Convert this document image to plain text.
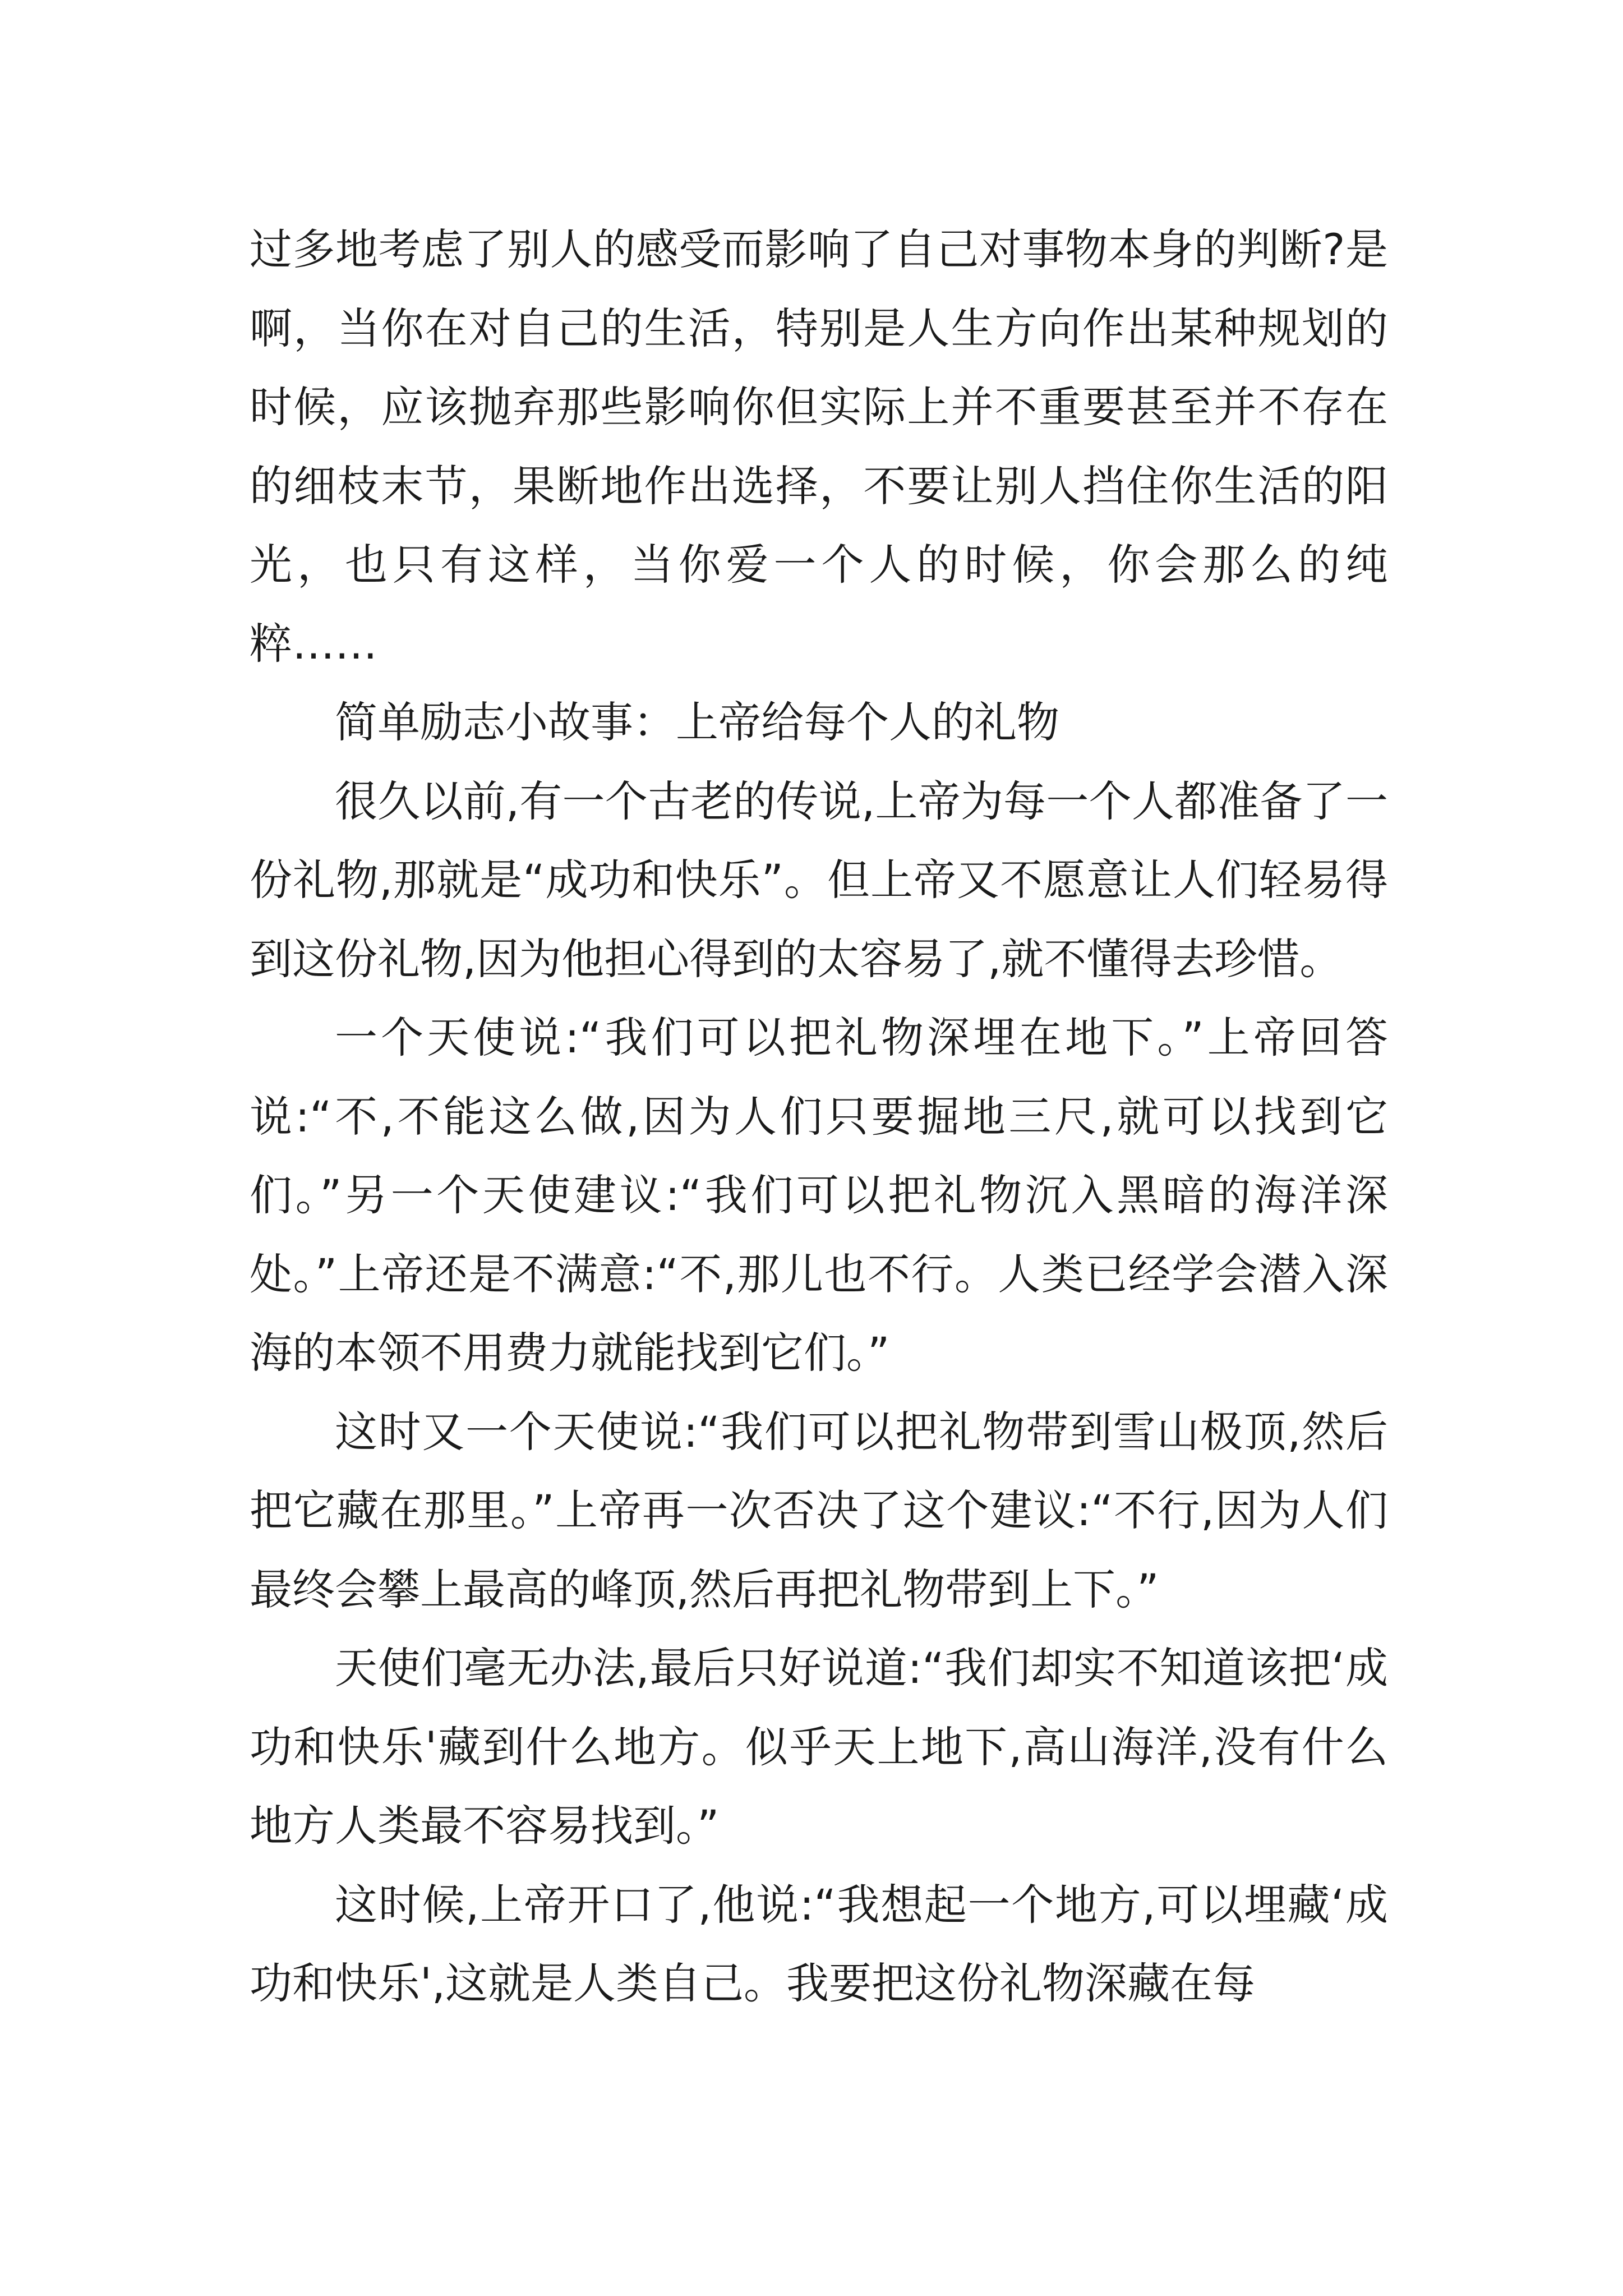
过多地考虑了别人的感受而影响了自己对事物本身的判断?是啊，当你在对自己的生活，特别是人生方向作出某种规划的时候，应该抛弃那些影响你但实际上并不重要甚至并不存在的细枝末节，果断地作出选择，不要让别人挡住你生活的阳光，也只有这样，当你爱一个人的时候，你会那么的纯粹……

简单励志小故事：上帝给每个人的礼物

很久以前,有一个古老的传说,上帝为每一个人都准备了一份礼物,那就是“成功和快乐”。但上帝又不愿意让人们轻易得到这份礼物,因为他担心得到的太容易了,就不懂得去珍惜。

一个天使说:“我们可以把礼物深埋在地下。”上帝回答说:“不,不能这么做,因为人们只要掘地三尺,就可以找到它们。”另一个天使建议:“我们可以把礼物沉入黑暗的海洋深处。”上帝还是不满意:“不,那儿也不行。人类已经学会潜入深海的本领不用费力就能找到它们。”

这时又一个天使说:“我们可以把礼物带到雪山极顶,然后把它藏在那里。”上帝再一次否决了这个建议:“不行,因为人们最终会攀上最高的峰顶,然后再把礼物带到上下。”

天使们毫无办法,最后只好说道:“我们却实不知道该把‘成功和快乐'藏到什么地方。似乎天上地下,高山海洋,没有什么地方人类最不容易找到。”

这时候,上帝开口了,他说:“我想起一个地方,可以埋藏‘成功和快乐',这就是人类自己。我要把这份礼物深藏在每
